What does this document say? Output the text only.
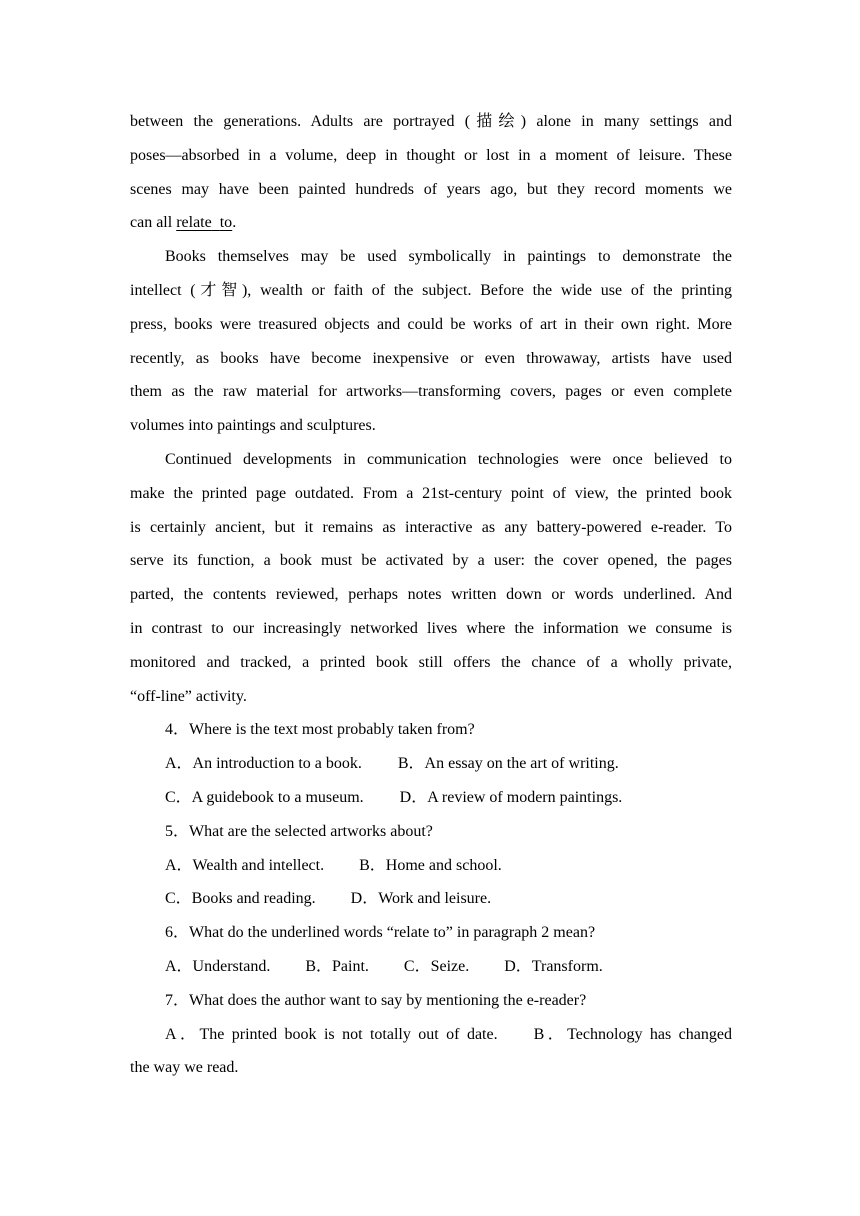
between the generations. Adults are portrayed (描绘) alone in many settings and
poses—absorbed in a volume, deep in thought or lost in a moment of leisure. These
scenes may have been painted hundreds of years ago, but they record moments we
can all relate to.
Books themselves may be used symbolically in paintings to demonstrate the
intellect (才智), wealth or faith of the subject. Before the wide use of the printing
press, books were treasured objects and could be works of art in their own right. More
recently, as books have become inexpensive or even throwaway, artists have used
them as the raw material for artworks—transforming covers, pages or even complete
volumes into paintings and sculptures.
Continued developments in communication technologies were once believed to
make the printed page outdated. From a 21st-century point of view, the printed book
is certainly ancient, but it remains as interactive as any battery-powered e-reader. To
serve its function, a book must be activated by a user: the cover opened, the pages
parted, the contents reviewed, perhaps notes written down or words underlined. And
in contrast to our increasingly networked lives where the information we consume is
monitored and tracked, a printed book still offers the chance of a wholly private,
“off-line” activity.

4．Where is the text most probably taken from?

A．An introduction to a book. B．An essay on the art of writing.

C．A guidebook to a museum. D．A review of modern paintings.

5．What are the selected artworks about?

A．Wealth and intellect. B．Home and school.

C．Books and reading. D．Work and leisure.

6．What do the underlined words “relate to” in paragraph 2 mean?

A．Understand. B．Paint. C．Seize. D．Transform.

7．What does the author want to say by mentioning the e-reader?

A．The printed book is not totally out of date. B．Technology has changed
the way we read.
